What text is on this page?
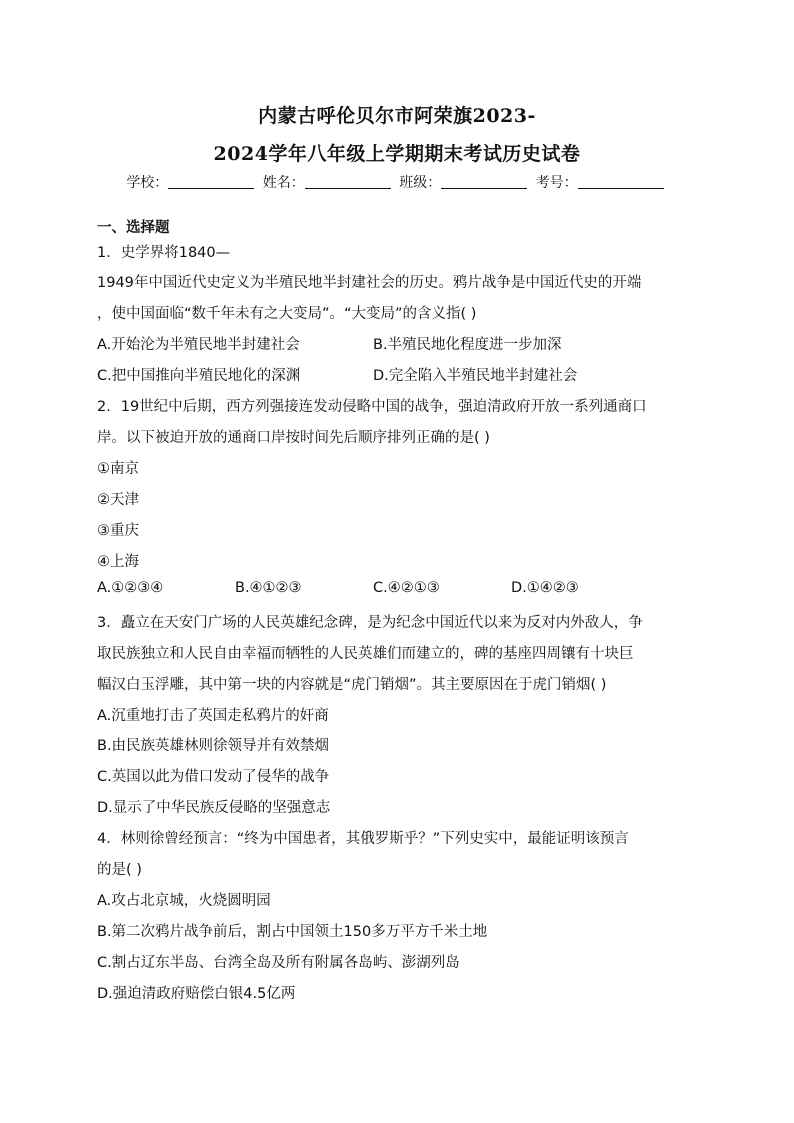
内蒙古呼伦贝尔市阿荣旗2023-
2024学年八年级上学期期末考试历史试卷
学校：	姓名：	班级：	考号：
一、选择题
1．史学界将1840—
1949年中国近代史定义为半殖民地半封建社会的历史。鸦片战争是中国近代史的开端
，使中国面临“数千年未有之大变局”。“大变局”的含义指( )
A.开始沦为半殖民地半封建社会	B.半殖民地化程度进一步加深
C.把中国推向半殖民地化的深渊	D.完全陷入半殖民地半封建社会
2．19世纪中后期，西方列强接连发动侵略中国的战争，强迫清政府开放一系列通商口
岸。以下被迫开放的通商口岸按时间先后顺序排列正确的是( )
①南京
②天津
③重庆
④上海
A.①②③④	B.④①②③	C.④②①③	D.①④②③
3．矗立在天安门广场的人民英雄纪念碑，是为纪念中国近代以来为反对内外敌人，争
取民族独立和人民自由幸福而牺牲的人民英雄们而建立的，碑的基座四周镶有十块巨
幅汉白玉浮雕，其中第一块的内容就是“虎门销烟”。其主要原因在于虎门销烟( )
A.沉重地打击了英国走私鸦片的奸商
B.由民族英雄林则徐领导并有效禁烟
C.英国以此为借口发动了侵华的战争
D.显示了中华民族反侵略的坚强意志
4．林则徐曾经预言：“终为中国患者，其俄罗斯乎？”下列史实中，最能证明该预言
的是( )
A.攻占北京城，火烧圆明园
B.第二次鸦片战争前后，割占中国领土150多万平方千米土地
C.割占辽东半岛、台湾全岛及所有附属各岛屿、澎湖列岛
D.强迫清政府赔偿白银4.5亿两
